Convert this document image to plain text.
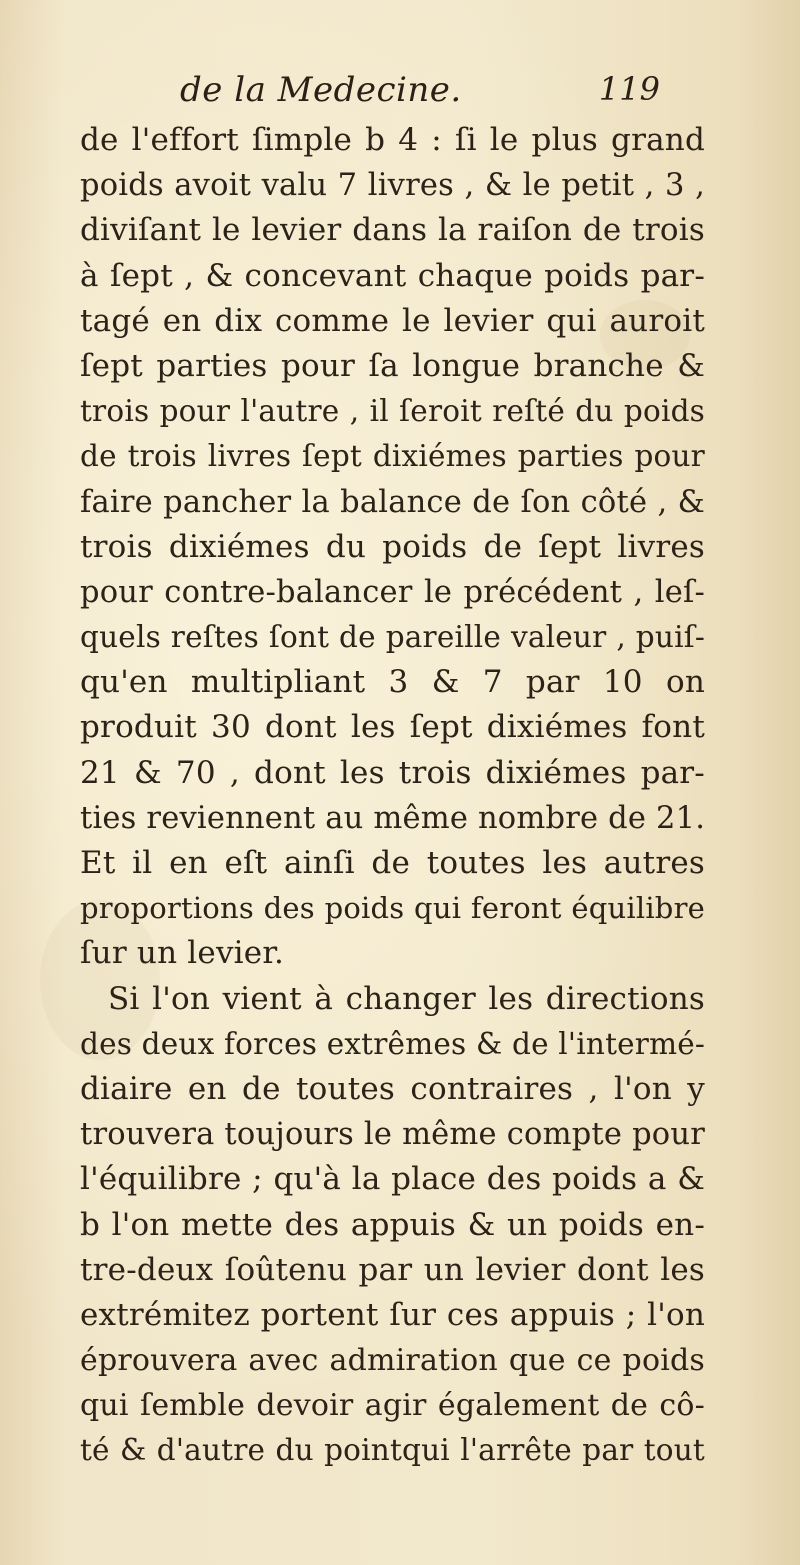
de la Medecine.	119
de l'effort ſimple b 4 : ſi le plus grand
poids avoit valu 7 livres , & le petit , 3 ,
diviſant le levier dans la raiſon de trois
à ſept , & concevant chaque poids par-
tagé en dix comme le levier qui auroit
ſept parties pour ſa longue branche &
trois pour l'autre , il ſeroit reſté du poids
de trois livres ſept dixiémes parties pour
faire pancher la balance de ſon côté , &
trois dixiémes du poids de ſept livres
pour contre-balancer le précédent , leſ-
quels reſtes ſont de pareille valeur , puiſ-
qu'en multipliant 3 & 7 par 10 on
produit 30 dont les ſept dixiémes font
21 & 70 , dont les trois dixiémes par-
ties reviennent au même nombre de 21.
Et il en eſt ainſi de toutes les autres
proportions des poids qui feront équilibre
ſur un levier.
Si l'on vient à changer les directions
des deux forces extrêmes & de l'intermé-
diaire en de toutes contraires , l'on y
trouvera toujours le même compte pour
l'équilibre ; qu'à la place des poids a &
b l'on mette des appuis & un poids en-
tre-deux ſoûtenu par un levier dont les
extrémitez portent ſur ces appuis ; l'on
éprouvera avec admiration que ce poids
qui ſemble devoir agir également de cô-
té & d'autre du pointqui l'arrête par tout
